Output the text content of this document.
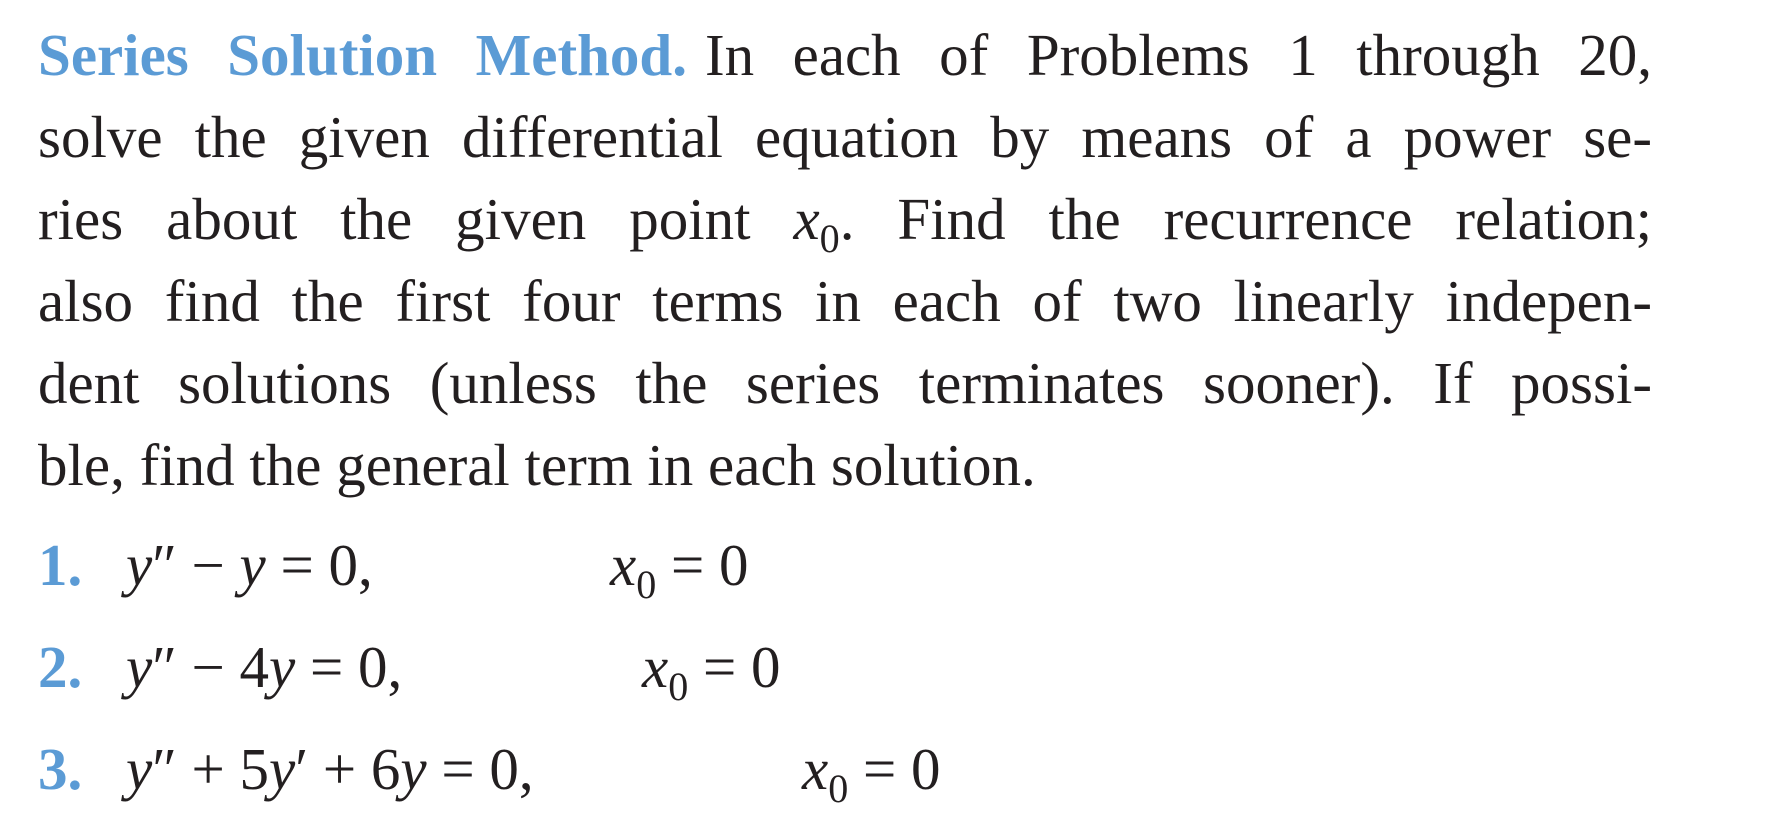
Series Solution Method. In each of Problems 1 through 20,
solve the given differential equation by means of a power se-
ries about the given point $x_0$. Find the recurrence relation;
also find the first four terms in each of two linearly indepen-
dent solutions (unless the series terminates sooner). If possi-
ble, find the general term in each solution.

1. y″ − y = 0,	$x_0 = 0$
2. y″ − 4y = 0,	$x_0 = 0$
3. y″ + 5y′ + 6y = 0,	$x_0 = 0$
